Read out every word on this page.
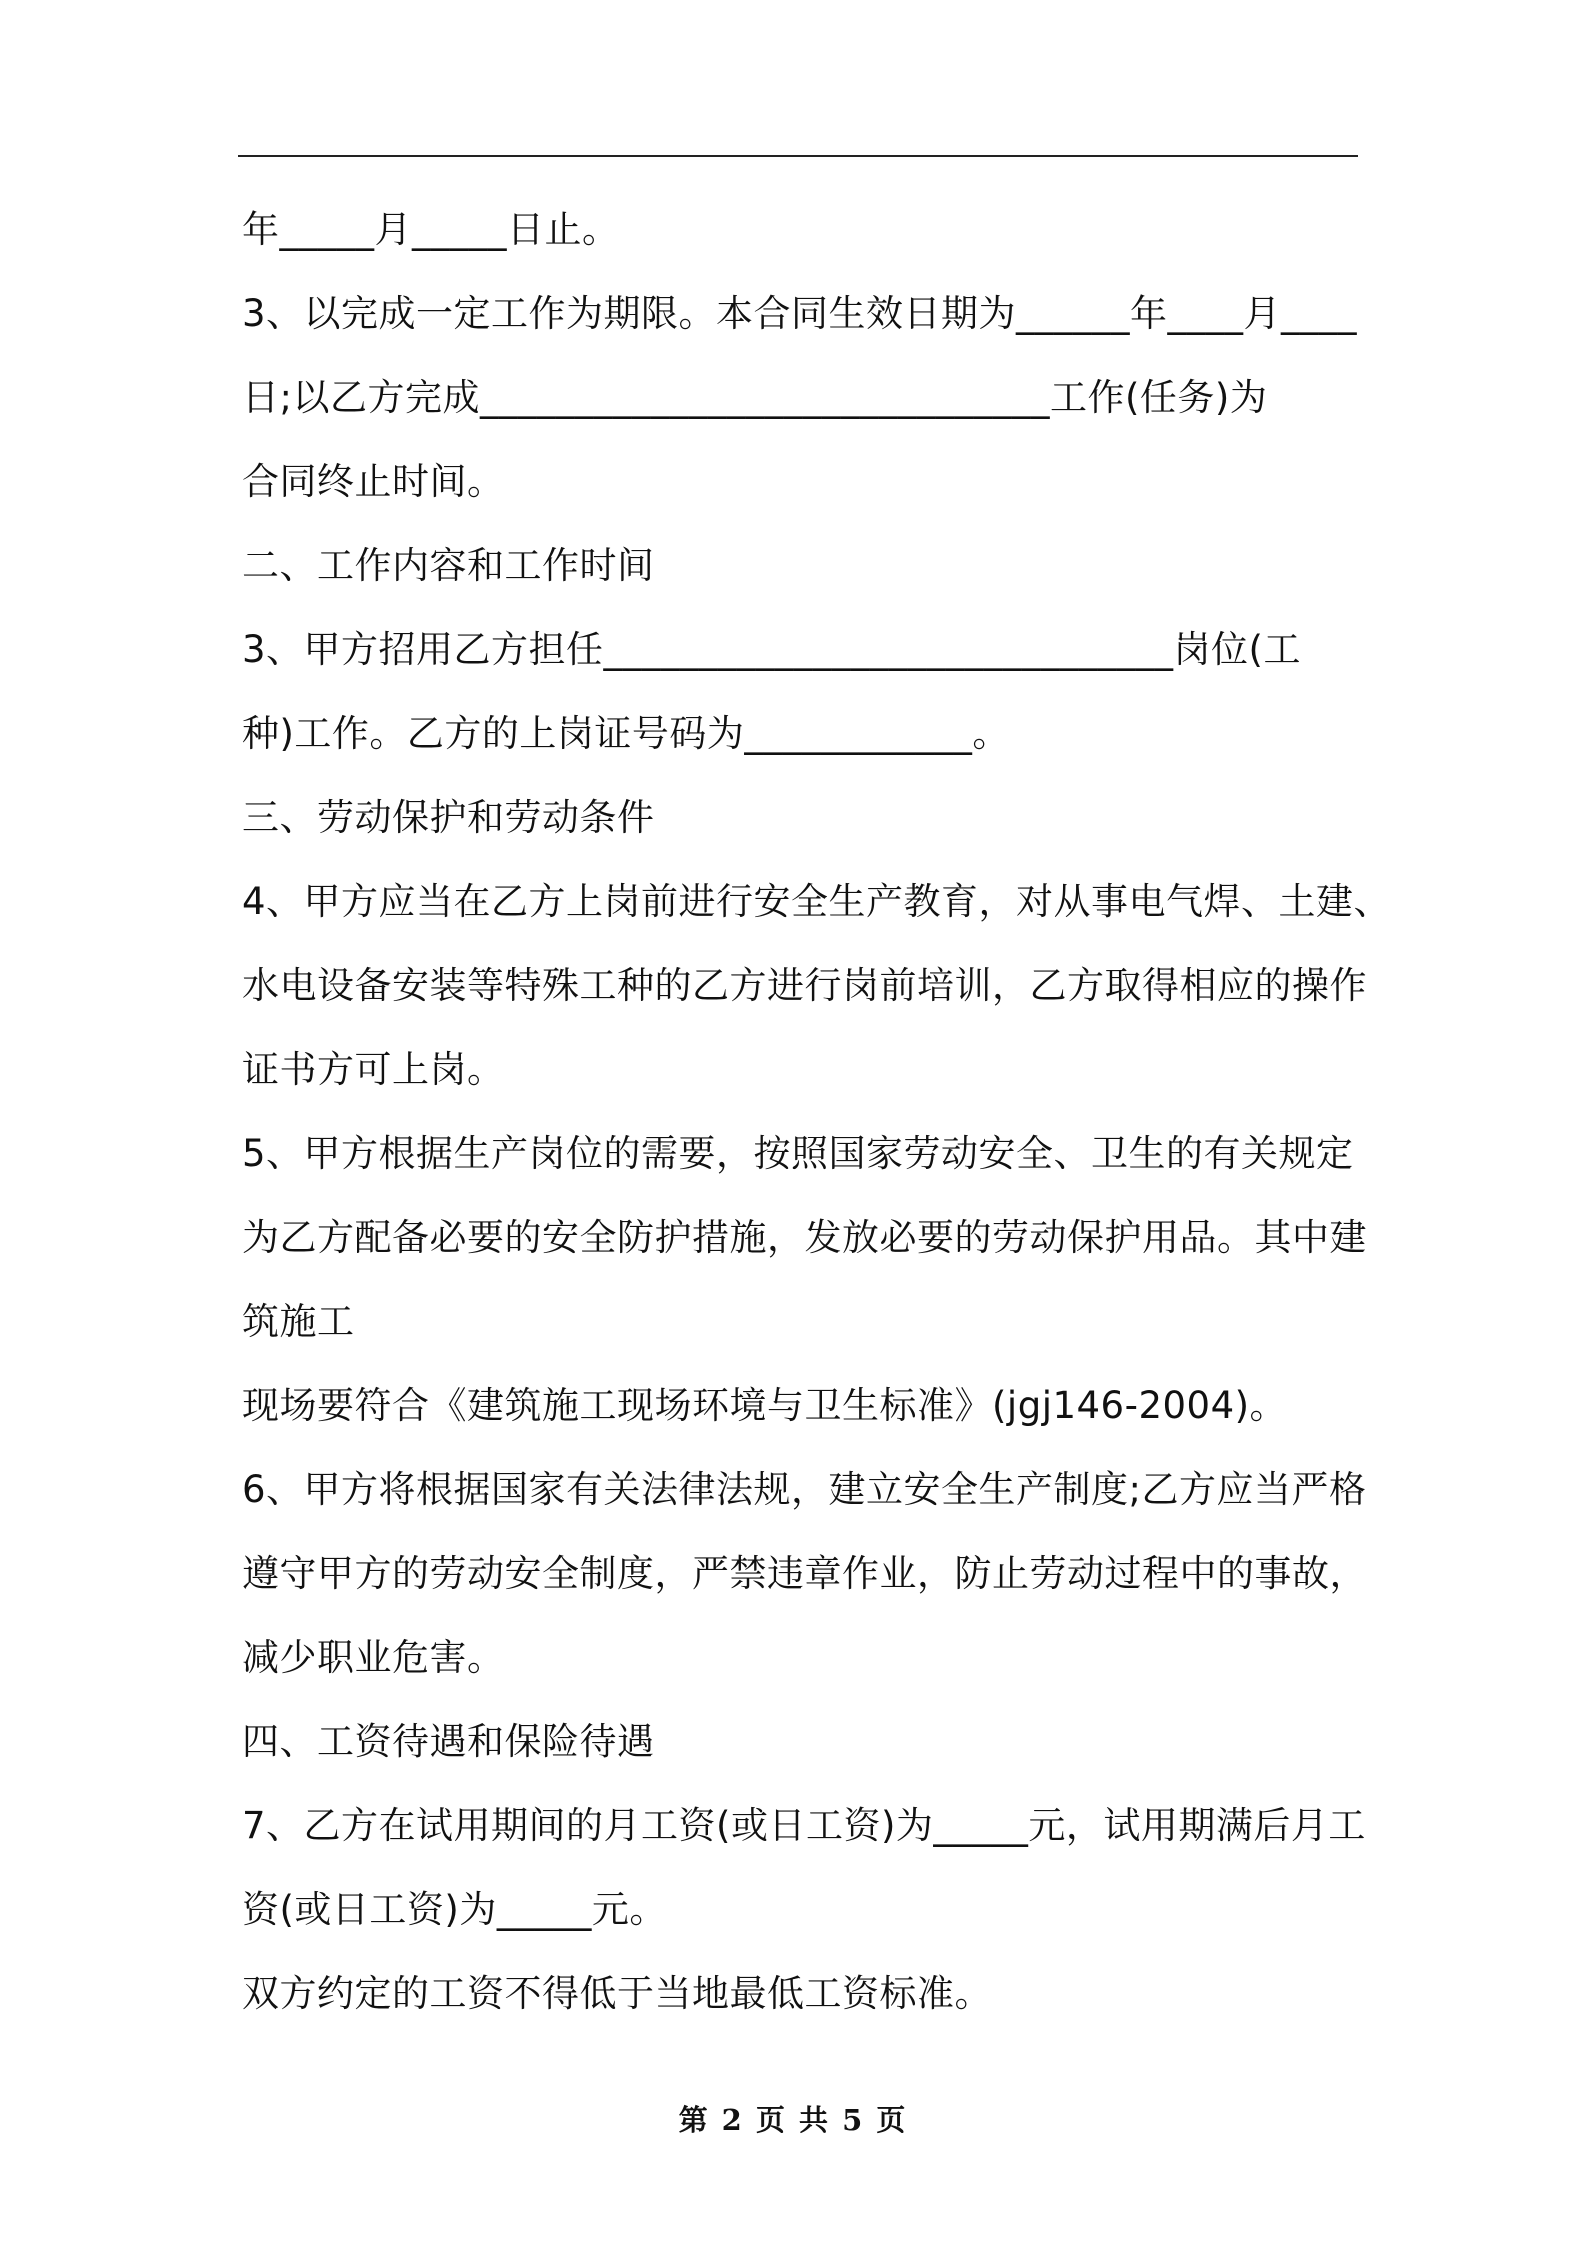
年_____月_____日止。
3、以完成一定工作为期限。本合同生效日期为______年____月____
日;以乙方完成______________________________工作(任务)为
合同终止时间。
二、工作内容和工作时间
3、甲方招用乙方担任______________________________岗位(工
种)工作。乙方的上岗证号码为____________。
三、劳动保护和劳动条件
4、甲方应当在乙方上岗前进行安全生产教育，对从事电气焊、土建、
水电设备安装等特殊工种的乙方进行岗前培训，乙方取得相应的操作
证书方可上岗。
5、甲方根据生产岗位的需要，按照国家劳动安全、卫生的有关规定
为乙方配备必要的安全防护措施，发放必要的劳动保护用品。其中建
筑施工
现场要符合《建筑施工现场环境与卫生标准》(jgj146-2004)。
6、甲方将根据国家有关法律法规，建立安全生产制度;乙方应当严格
遵守甲方的劳动安全制度，严禁违章作业，防止劳动过程中的事故，
减少职业危害。
四、工资待遇和保险待遇
7、乙方在试用期间的月工资(或日工资)为_____元，试用期满后月工
资(或日工资)为_____元。
双方约定的工资不得低于当地最低工资标准。
第 2 页 共 5 页
